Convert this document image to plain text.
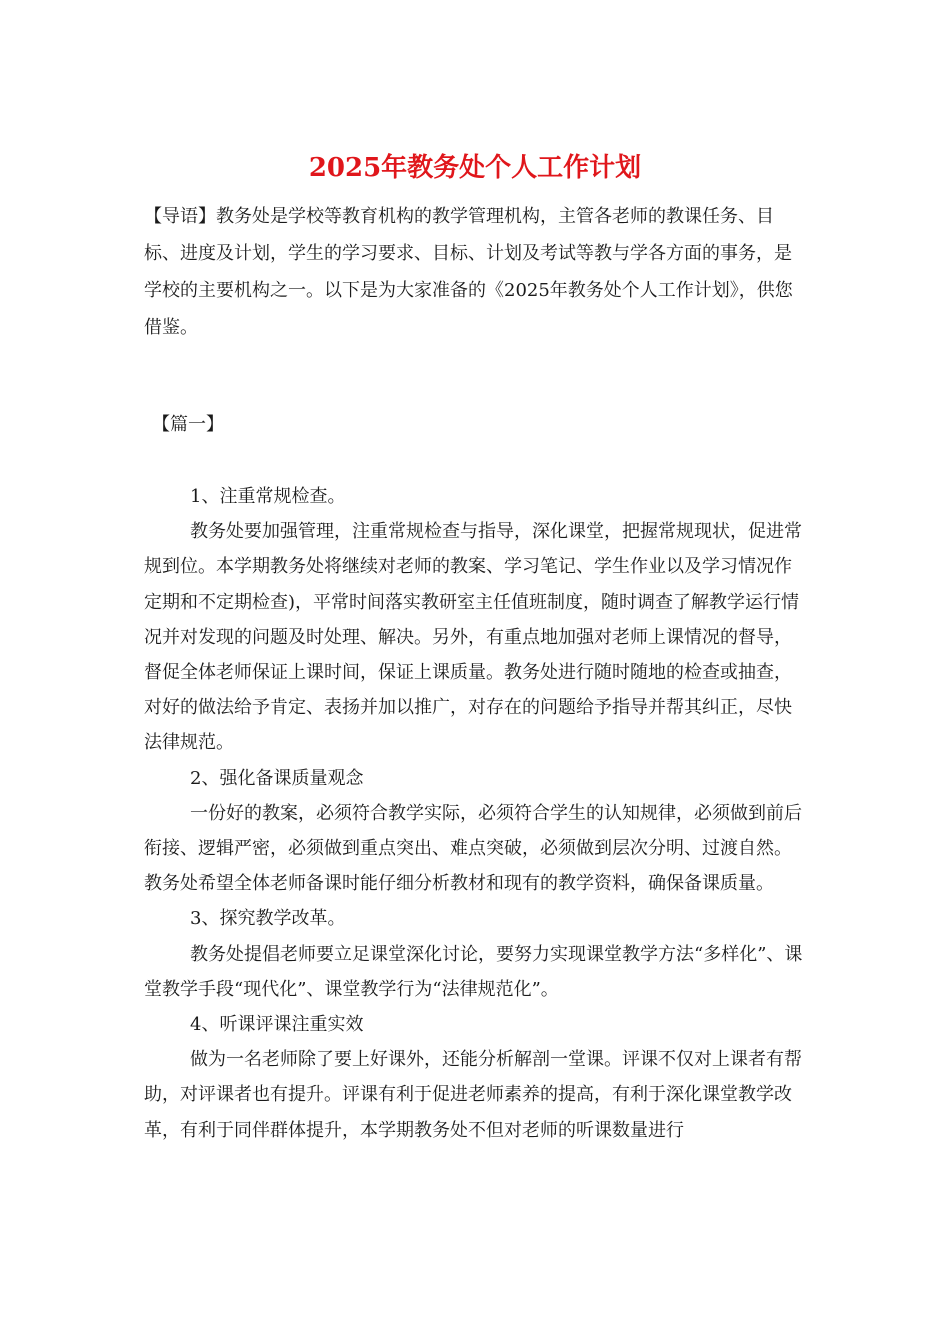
2025年教务处个人工作计划

【导语】教务处是学校等教育机构的教学管理机构，主管各老师的教课任务、目标、进度及计划，学生的学习要求、目标、计划及考试等教与学各方面的事务，是学校的主要机构之一。以下是为大家准备的《2025年教务处个人工作计划》，供您借鉴。

【篇一】

1、注重常规检查。

教务处要加强管理，注重常规检查与指导，深化课堂，把握常规现状，促进常规到位。本学期教务处将继续对老师的教案、学习笔记、学生作业以及学习情况作定期和不定期检查)，平常时间落实教研室主任值班制度，随时调查了解教学运行情况并对发现的问题及时处理、解决。另外，有重点地加强对老师上课情况的督导，督促全体老师保证上课时间，保证上课质量。教务处进行随时随地的检查或抽查，对好的做法给予肯定、表扬并加以推广，对存在的问题给予指导并帮其纠正，尽快法律规范。

2、强化备课质量观念

一份好的教案，必须符合教学实际，必须符合学生的认知规律，必须做到前后衔接、逻辑严密，必须做到重点突出、难点突破，必须做到层次分明、过渡自然。教务处希望全体老师备课时能仔细分析教材和现有的教学资料，确保备课质量。

3、探究教学改革。

教务处提倡老师要立足课堂深化讨论，要努力实现课堂教学方法“多样化”、课堂教学手段“现代化”、课堂教学行为“法律规范化”。

4、听课评课注重实效

做为一名老师除了要上好课外，还能分析解剖一堂课。评课不仅对上课者有帮助，对评课者也有提升。评课有利于促进老师素养的提高，有利于深化课堂教学改革，有利于同伴群体提升，本学期教务处不但对老师的听课数量进行
